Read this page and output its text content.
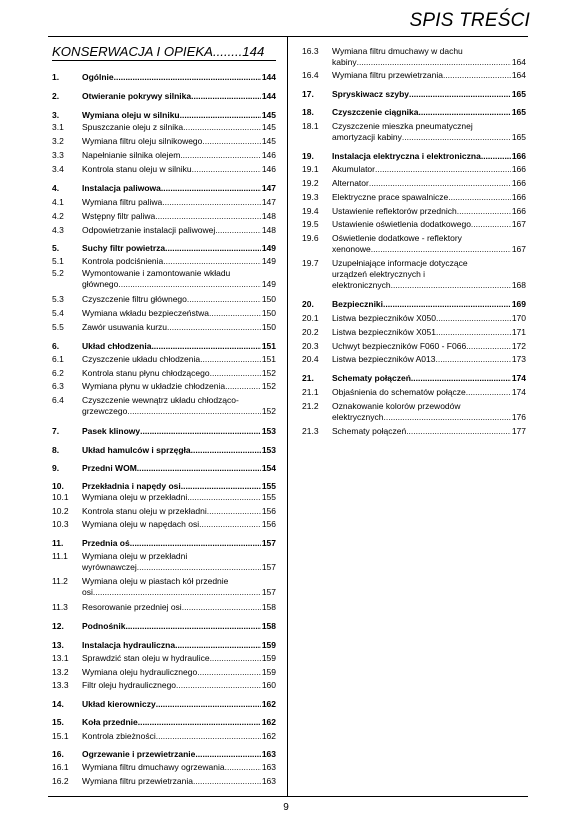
SPIS TREŚCI
KONSERWACJA I OPIEKA........144
1.	Ogólnie .....	144
2.	Otwieranie pokrywy silnika .....	144
3.	Wymiana oleju w silniku .....	145
3.1	Spuszczanie oleju z silnika .....	145
3.2	Wymiana filtru oleju silnikowego .....	145
3.3	Napełnianie silnika olejem .....	146
3.4	Kontrola stanu oleju w silniku .....	146
4.	Instalacja paliwowa .....	147
4.1	Wymiana filtru paliwa .....	147
4.2	Wstępny filtr paliwa .....	148
4.3	Odpowietrzanie instalacji paliwowej .....	148
5.	Suchy filtr powietrza .....	149
5.1	Kontrola podciśnienia .....	149
5.2	Wymontowanie i zamontowanie wkładu
głównego .....	149
5.3	Czyszczenie filtru głównego .....	150
5.4	Wymiana wkładu bezpieczeństwa .....	150
5.5	Zawór usuwania kurzu .....	150
6.	Układ chłodzenia .....	151
6.1	Czyszczenie układu chłodzenia .....	151
6.2	Kontrola stanu płynu chłodzącego .....	152
6.3	Wymiana płynu w układzie chłodzenia .....	152
6.4	Czyszczenie wewnątrz układu chłodząco-
grzewczego .....	152
7.	Pasek klinowy .....	153
8.	Układ hamulców i sprzęgła .....	153
9.	Przedni WOM .....	154
10.	Przekładnia i napędy osi .....	155
10.1	Wymiana oleju w przekładni .....	155
10.2	Kontrola stanu oleju w przekładni .....	156
10.3	Wymiana oleju w napędach osi .....	156
11.	Przednia oś .....	157
11.1	Wymiana oleju w przekładni
wyrównawczej .....	157
11.2	Wymiana oleju w piastach kół przednie
osi .....	157
11.3	Resorowanie przedniej osi .....	158
12.	Podnośnik .....	158
13.	Instalacja hydrauliczna .....	159
13.1	Sprawdzić stan oleju w hydraulice .....	159
13.2	Wymiana oleju hydraulicznego .....	159
13.3	Filtr oleju hydraulicznego .....	160
14.	Układ kierowniczy .....	162
15.	Koła przednie .....	162
15.1	Kontrola zbieżności .....	162
16.	Ogrzewanie i przewietrzanie .....	163
16.1	Wymiana filtru dmuchawy ogrzewania .....	163
16.2	Wymiana filtru przewietrzania .....	163
16.3	Wymiana filtru dmuchawy w dachu
kabiny .....	164
16.4	Wymiana filtru przewietrzania .....	164
17.	Spryskiwacz szyby .....	165
18.	Czyszczenie ciągnika .....	165
18.1	Czyszczenie mieszka pneumatycznej
amortyzacji kabiny .....	165
19.	Instalacja elektryczna i elektroniczna .....	166
19.1	Akumulator .....	166
19.2	Alternator .....	166
19.3	Elektryczne prace spawalnicze .....	166
19.4	Ustawienie reflektorów przednich .....	166
19.5	Ustawienie oświetlenia dodatkowego .....	167
19.6	Oświetlenie dodatkowe - reflektory
xenonowe .....	167
19.7	Uzupełniające informacje dotyczące
urządzeń elektrycznych i
elektronicznych .....	168
20.	Bezpieczniki .....	169
20.1	Listwa bezpieczników X050 .....	170
20.2	Listwa bezpieczników X051 .....	171
20.3	Uchwyt bezpieczników F060 - F066 .....	172
20.4	Listwa bezpieczników A013 .....	173
21.	Schematy połączeń .....	174
21.1	Objaśnienia do schematów połącze .....	174
21.2	Oznakowanie kolorów przewodów
elektrycznych .....	176
21.3	Schematy połączeń .....	177
9
